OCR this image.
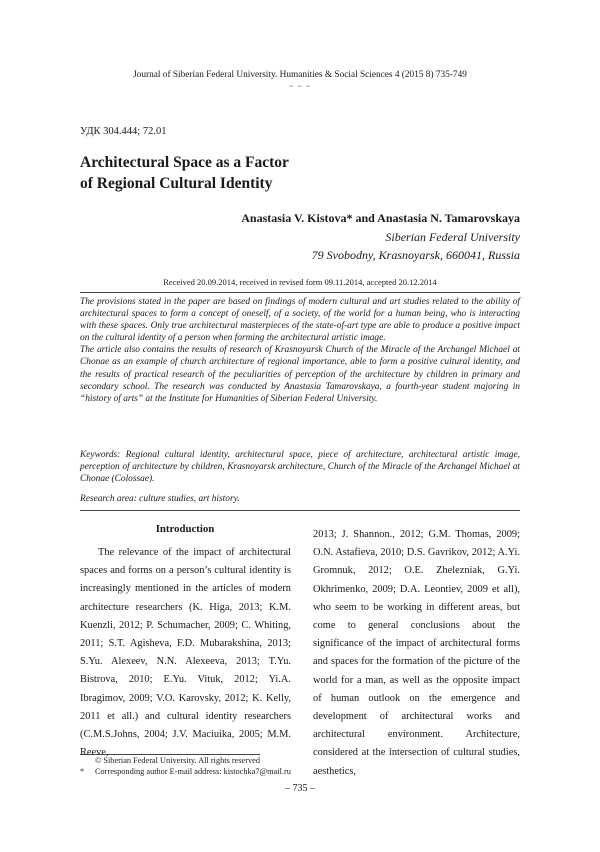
Journal of Siberian Federal University. Humanities & Social Sciences 4 (2015 8) 735-749
~ ~ ~
УДК 304.444; 72.01
Architectural Space as a Factor
of Regional Cultural Identity
Anastasia V. Kistova* and Anastasia N. Tamarovskaya
Siberian Federal University
79 Svobodny, Krasnoyarsk, 660041, Russia
Received 20.09.2014, received in revised form 09.11.2014, accepted 20.12.2014

The provisions stated in the paper are based on findings of modern cultural and art studies related to the ability of architectural spaces to form a concept of oneself, of a society, of the world for a human being, who is interacting with these spaces. Only true architectural masterpieces of the state-of-art type are able to produce a positive impact on the cultural identity of a person when forming the architectural artistic image.

The article also contains the results of research of Krasnoyarsk Church of the Miracle of the Archangel Michael at Chonae as an example of church architecture of regional importance, able to form a positive cultural identity, and the results of practical research of the peculiarities of perception of the architecture by children in primary and secondary school. The research was conducted by Anastasia Tamarovskaya, a fourth-year student majoring in “history of arts” at the Institute for Humanities of Siberian Federal University.

Keywords: Regional cultural identity, architectural space, piece of architecture, architectural artistic image, perception of architecture by children, Krasnoyarsk architecture, Church of the Miracle of the Archangel Michael at Chonae (Colossae).
Research area: culture studies, art history.
Introduction
The relevance of the impact of architectural spaces and forms on a person’s cultural identity is increasingly mentioned in the articles of modern architecture researchers (K. Higa, 2013; K.M. Kuenzli, 2012; P. Schumacher, 2009; C. Whiting, 2011; S.T. Agisheva, F.D. Mubarakshina, 2013; S.Yu. Alexeev, N.N. Alexeeva, 2013; T.Yu. Bistrova, 2010; E.Yu. Vituk, 2012; Yi.A. Ibragimov, 2009; V.O. Karovsky, 2012; K. Kelly, 2011 et all.) and cultural identity researchers (C.M.S.Johns, 2004; J.V. Maciuika, 2005; M.M. Reeve,
2013; J. Shannon., 2012; G.M. Thomas, 2009; O.N. Astafieva, 2010; D.S. Gavrikov, 2012; A.Yi. Gromnuk, 2012; O.E. Zheleznіak, G.Yi. Okhrimenko, 2009; D.A. Leontiev, 2009 et all), who seem to be working in different areas, but come to general conclusions about the significance of the impact of architectural forms and spaces for the formation of the picture of the world for a man, as well as the opposite impact of human outlook on the emergence and development of architectural works and architectural environment. Architecture, considered at the intersection of cultural studies, aesthetics,
© Siberian Federal University. All rights reserved
* Corresponding author E-mail address: kistochka7@mail.ru
– 735 –
